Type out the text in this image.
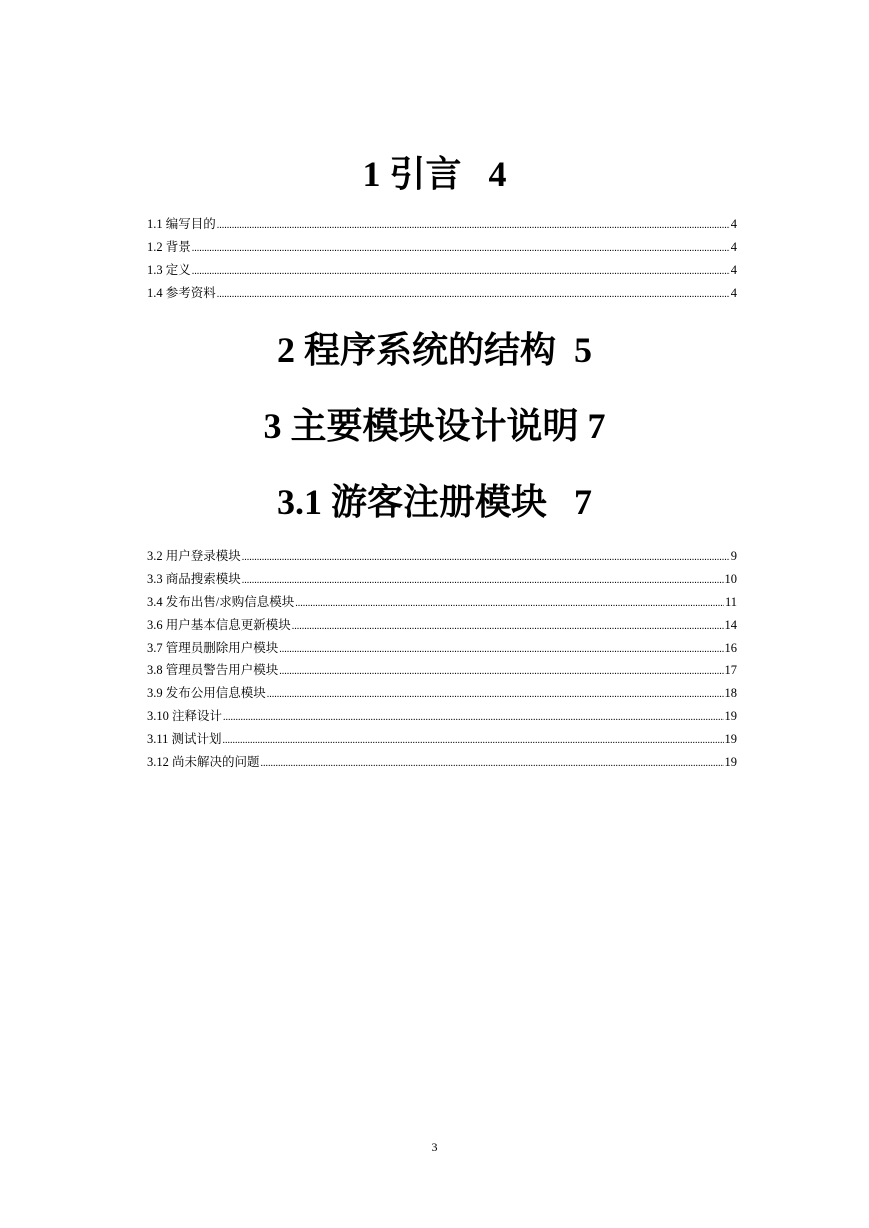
1 引言   4
1.1 编写目的 .....	4
1.2 背景 .....	4
1.3 定义 .....	4
1.4 参考资料 .....	4
2 程序系统的结构  5
3 主要模块设计说明 7
3.1 游客注册模块   7
3.2 用户登录模块 .....	9
3.3 商品搜索模块 .....	10
3.4 发布出售/求购信息模块 .....	11
3.6 用户基本信息更新模块 .....	14
3.7 管理员删除用户模块 .....	16
3.8 管理员警告用户模块 .....	17
3.9 发布公用信息模块 .....	18
3.10 注释设计 .....	19
3.11 测试计划 .....	19
3.12 尚未解决的问题 .....	19
3
